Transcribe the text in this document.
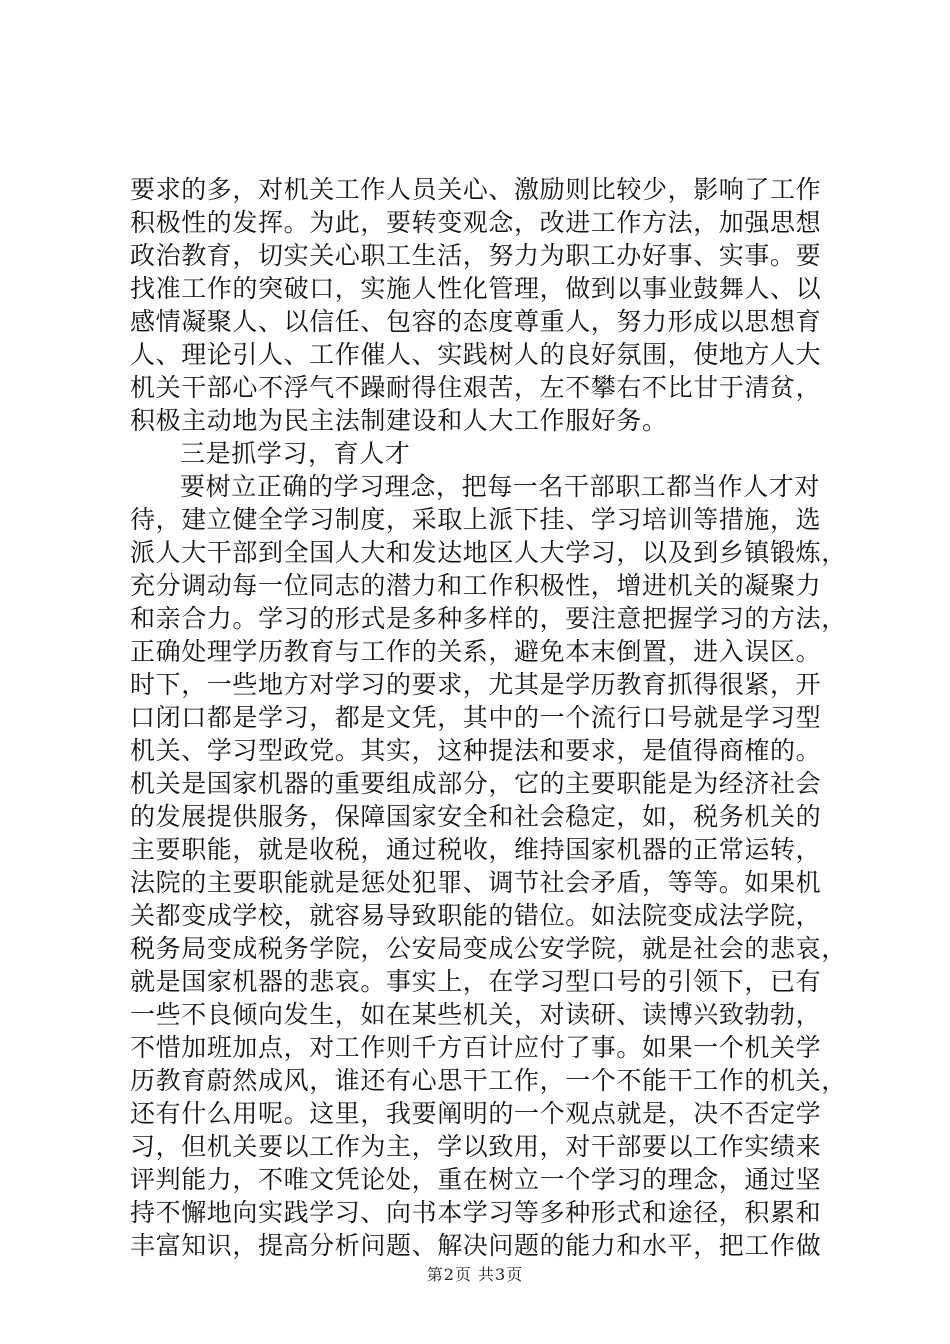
要求的多，对机关工作人员关心、激励则比较少，影响了工作
积极性的发挥。为此，要转变观念，改进工作方法，加强思想
政治教育，切实关心职工生活，努力为职工办好事、实事。要
找准工作的突破口，实施人性化管理，做到以事业鼓舞人、以
感情凝聚人、以信任、包容的态度尊重人，努力形成以思想育
人、理论引人、工作催人、实践树人的良好氛围，使地方人大
机关干部心不浮气不躁耐得住艰苦，左不攀右不比甘于清贫，
积极主动地为民主法制建设和人大工作服好务。
三是抓学习，育人才
要树立正确的学习理念，把每一名干部职工都当作人才对
待，建立健全学习制度，采取上派下挂、学习培训等措施，选
派人大干部到全国人大和发达地区人大学习，以及到乡镇锻炼，
充分调动每一位同志的潜力和工作积极性，增进机关的凝聚力
和亲合力。学习的形式是多种多样的，要注意把握学习的方法，
正确处理学历教育与工作的关系，避免本末倒置，进入误区。
时下，一些地方对学习的要求，尤其是学历教育抓得很紧，开
口闭口都是学习，都是文凭，其中的一个流行口号就是学习型
机关、学习型政党。其实，这种提法和要求，是值得商榷的。
机关是国家机器的重要组成部分，它的主要职能是为经济社会
的发展提供服务，保障国家安全和社会稳定，如，税务机关的
主要职能，就是收税，通过税收，维持国家机器的正常运转，
法院的主要职能就是惩处犯罪、调节社会矛盾，等等。如果机
关都变成学校，就容易导致职能的错位。如法院变成法学院，
税务局变成税务学院，公安局变成公安学院，就是社会的悲哀，
就是国家机器的悲哀。事实上，在学习型口号的引领下，已有
一些不良倾向发生，如在某些机关，对读研、读博兴致勃勃，
不惜加班加点，对工作则千方百计应付了事。如果一个机关学
历教育蔚然成风，谁还有心思干工作，一个不能干工作的机关，
还有什么用呢。这里，我要阐明的一个观点就是，决不否定学
习，但机关要以工作为主，学以致用，对干部要以工作实绩来
评判能力，不唯文凭论处，重在树立一个学习的理念，通过坚
持不懈地向实践学习、向书本学习等多种形式和途径，积累和
丰富知识，提高分析问题、解决问题的能力和水平，把工作做
第2页 共3页
